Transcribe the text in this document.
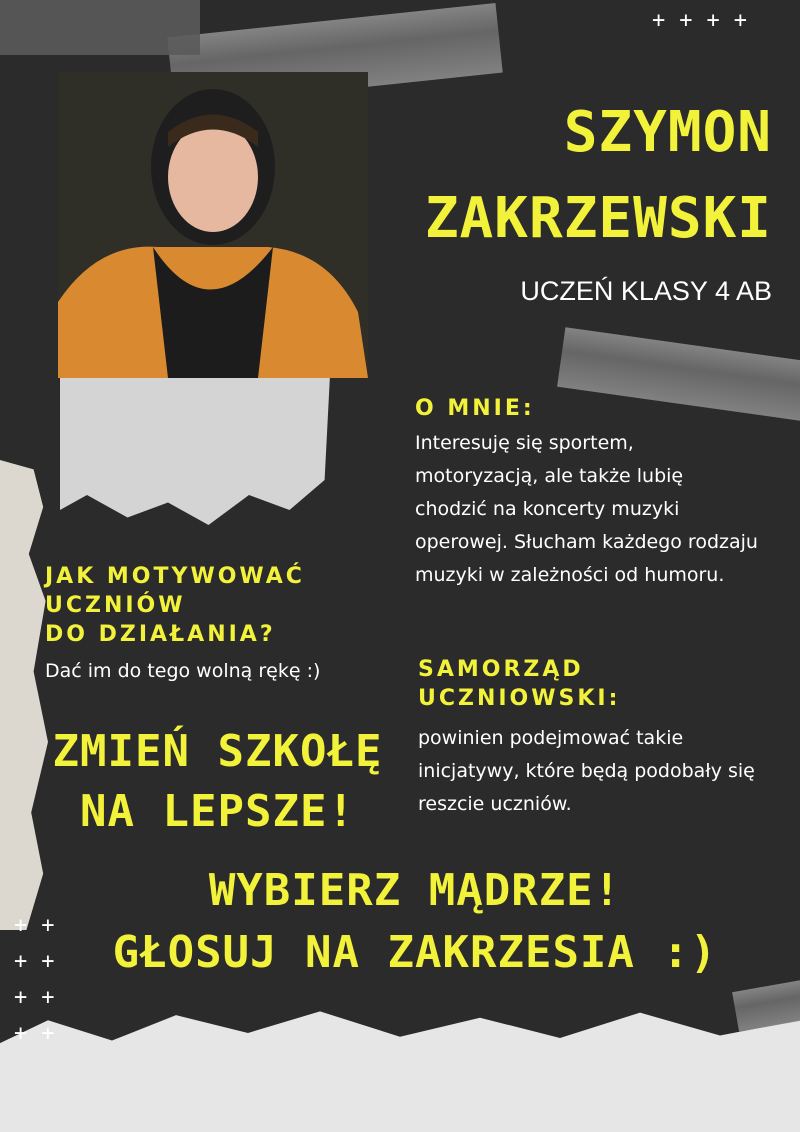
++++
++
++
++
++
SZYMON
ZAKRZEWSKI
UCZEŃ KLASY 4 AB
O MNIE:
Interesuję się sportem, motoryzacją, ale także lubię chodzić na koncerty muzyki operowej. Słucham każdego rodzaju muzyki w zależności od humoru.
JAK MOTYWOWAĆ
UCZNIÓW
DO DZIAŁANIA?
Dać im do tego wolną rękę :)	SAMORZĄD
UCZNIOWSKI:
powinien podejmować takie inicjatywy, które będą podobały się reszcie uczniów.
ZMIEŃ SZKOŁĘ
NA LEPSZE!
WYBIERZ MĄDRZE!
GŁOSUJ NA ZAKRZESIA :)
